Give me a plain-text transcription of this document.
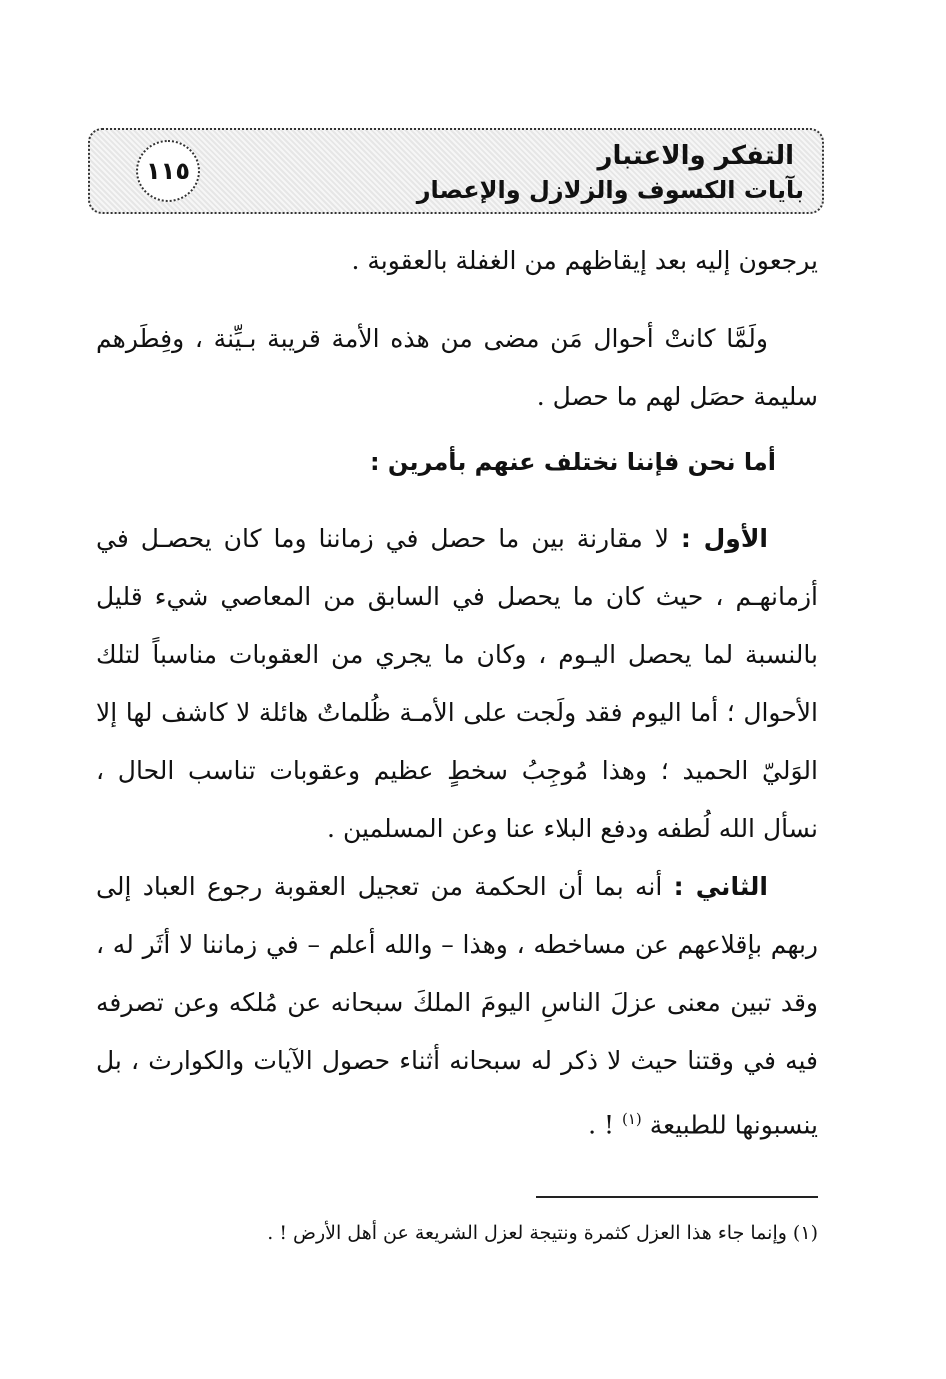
التفكر والاعتبار
بآيات الكسوف والزلازل والإعصار
١١٥
يرجعون إليه بعد إيقاظهم من الغفلة بالعقوبة .
ولَمَّا كانتْ أحوال مَن مضى من هذه الأمة قريبة بـيِّنة ، وفِطَرهم سليمة حصَل لهم ما حصل .
أما نحن فإننا نختلف عنهم بأمرين :
الأول : لا مقارنة بين ما حصل في زماننا وما كان يحصـل في أزمانهـم ، حيث كان ما يحصل في السابق من المعاصي شيء قليل بالنسبة لما يحصل اليـوم ، وكان ما يجري من العقوبات مناسباً لتلك الأحوال ؛ أما اليوم فقد ولَجت على الأمـة ظُلماتٌ هائلة لا كاشف لها إلا الوَليّ الحميد ؛ وهذا مُوجِبُ سخطٍ عظيم وعقوبات تناسب الحال ، نسأل الله لُطفه ودفع البلاء عنا وعن المسلمين .
الثاني : أنه بما أن الحكمة من تعجيل العقوبة رجوع العباد إلى ربهم بإقلاعهم عن مساخطه ، وهذا – والله أعلم – في زماننا لا أثَر له ، وقد تبين معنى عزلَ الناسِ اليومَ الملكَ سبحانه عن مُلكه وعن تصرفه فيه في وقتنا حيث لا ذكر له سبحانه أثناء حصول الآيات والكوارث ، بل ينسبونها للطبيعة $^{(١)}$ ! .
(١) وإنما جاء هذا العزل كثمرة ونتيجة لعزل الشريعة عن أهل الأرض ! .
